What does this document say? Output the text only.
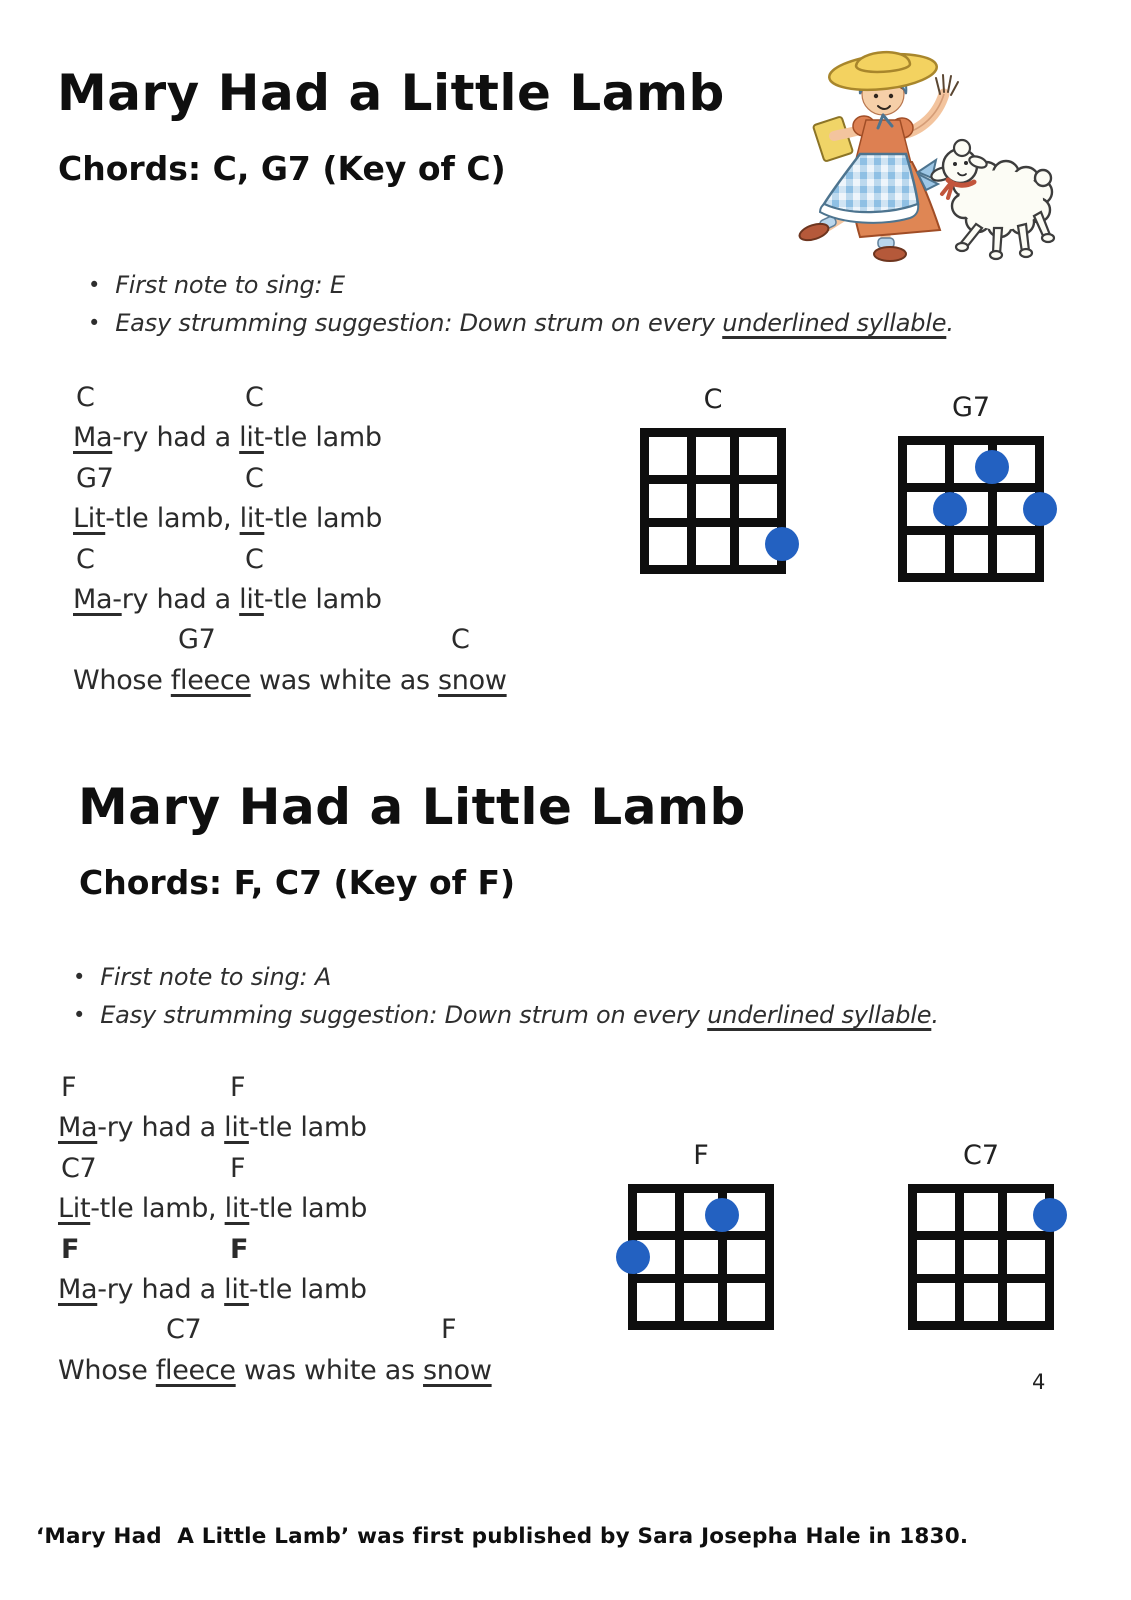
Mary Had a Little Lamb
Chords: C, G7 (Key of C)
• First note to sing: E
• Easy strumming suggestion: Down strum on every underlined syllable.
C	C
Ma-ry had a lit-tle lamb
G7	C
Lit-tle lamb, lit-tle lamb
C	C
Ma-ry had a lit-tle lamb
G7	C
Whose fleece was white as snow
C	G7
Mary Had a Little Lamb
Chords: F, C7 (Key of F)
• First note to sing: A
• Easy strumming suggestion: Down strum on every underlined syllable.
F	F
Ma-ry had a lit-tle lamb
C7	F
Lit-tle lamb, lit-tle lamb
F	F
Ma-ry had a lit-tle lamb
C7	F
Whose fleece was white as snow
F	C7
4
‘Mary Had  A Little Lamb’ was first published by Sara Josepha Hale in 1830.
